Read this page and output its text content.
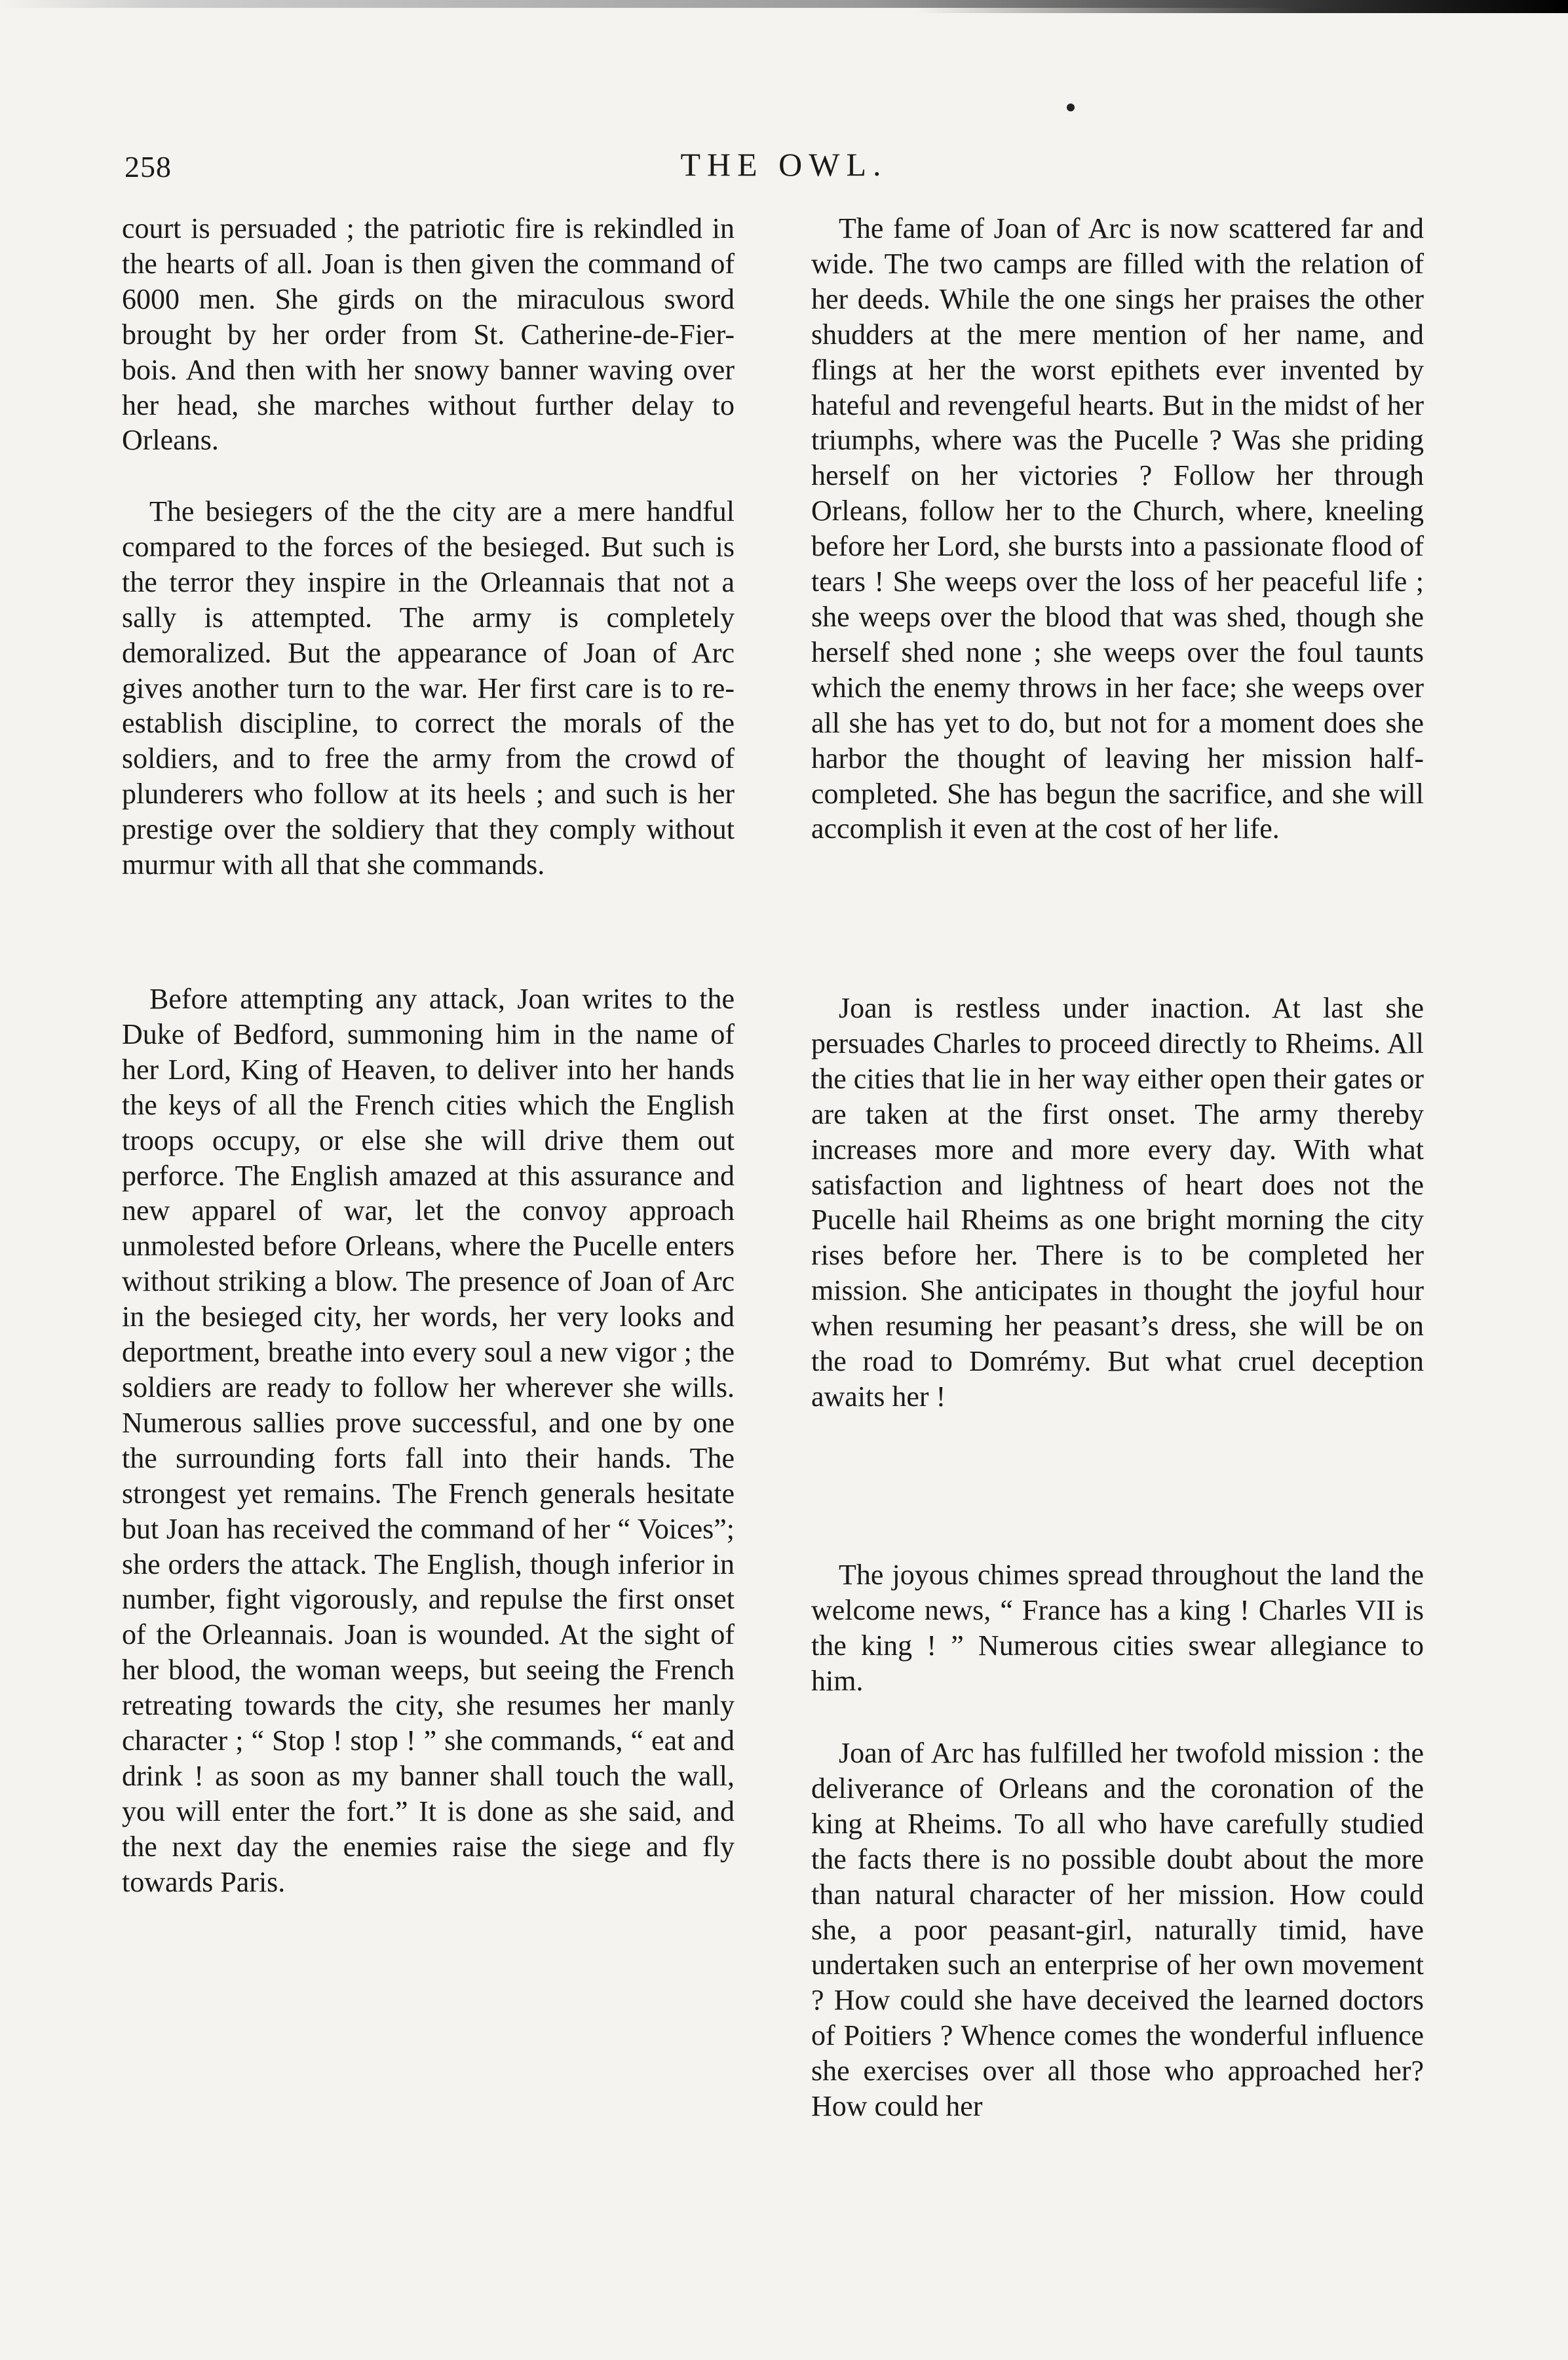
258	THE OWL.

court is persuaded ; the patriotic fire is rekindled in the hearts of all. Joan is then given the command of 6000 men. She girds on the miraculous sword brought by her order from St. Catherine-de-Fier-bois. And then with her snowy banner waving over her head, she marches without further delay to Orleans.

The besiegers of the the city are a mere handful compared to the forces of the besieged. But such is the terror they inspire in the Orleannais that not a sally is attempted. The army is completely demoralized. But the appearance of Joan of Arc gives another turn to the war. Her first care is to re-establish discipline, to correct the morals of the soldiers, and to free the army from the crowd of plunderers who follow at its heels ; and such is her prestige over the soldiery that they comply without murmur with all that she commands.

Before attempting any attack, Joan writes to the Duke of Bedford, summoning him in the name of her Lord, King of Heaven, to deliver into her hands the keys of all the French cities which the English troops occupy, or else she will drive them out perforce. The English amazed at this assurance and new apparel of war, let the convoy approach unmolested before Orleans, where the Pucelle enters without striking a blow. The presence of Joan of Arc in the besieged city, her words, her very looks and deportment, breathe into every soul a new vigor ; the soldiers are ready to follow her wherever she wills. Numerous sallies prove successful, and one by one the surrounding forts fall into their hands. The strongest yet remains. The French generals hesitate but Joan has received the command of her “ Voices”; she orders the attack. The English, though inferior in number, fight vigorously, and repulse the first onset of the Orleannais. Joan is wounded. At the sight of her blood, the woman weeps, but seeing the French retreating towards the city, she resumes her manly character ; “ Stop ! stop ! ” she commands, “ eat and drink ! as soon as my banner shall touch the wall, you will enter the fort.” It is done as she said, and the next day the enemies raise the siege and fly towards Paris.

The fame of Joan of Arc is now scattered far and wide. The two camps are filled with the relation of her deeds. While the one sings her praises the other shudders at the mere mention of her name, and flings at her the worst epithets ever invented by hateful and revengeful hearts. But in the midst of her triumphs, where was the Pucelle ? Was she priding herself on her victories ? Follow her through Orleans, follow her to the Church, where, kneeling before her Lord, she bursts into a passionate flood of tears ! She weeps over the loss of her peaceful life ; she weeps over the blood that was shed, though she herself shed none ; she weeps over the foul taunts which the enemy throws in her face; she weeps over all she has yet to do, but not for a moment does she harbor the thought of leaving her mission half-completed. She has begun the sacrifice, and she will accomplish it even at the cost of her life.

Joan is restless under inaction. At last she persuades Charles to proceed directly to Rheims. All the cities that lie in her way either open their gates or are taken at the first onset. The army thereby increases more and more every day. With what satisfaction and lightness of heart does not the Pucelle hail Rheims as one bright morning the city rises before her. There is to be completed her mission. She anticipates in thought the joyful hour when resuming her peasant’s dress, she will be on the road to Domrémy. But what cruel deception awaits her !

The joyous chimes spread throughout the land the welcome news, “ France has a king ! Charles VII is the king ! ” Numerous cities swear allegiance to him.

Joan of Arc has fulfilled her twofold mission : the deliverance of Orleans and the coronation of the king at Rheims. To all who have carefully studied the facts there is no possible doubt about the more than natural character of her mission. How could she, a poor peasant-girl, naturally timid, have undertaken such an enterprise of her own movement ? How could she have deceived the learned doctors of Poitiers ? Whence comes the wonderful influence she exercises over all those who approached her? How could her
